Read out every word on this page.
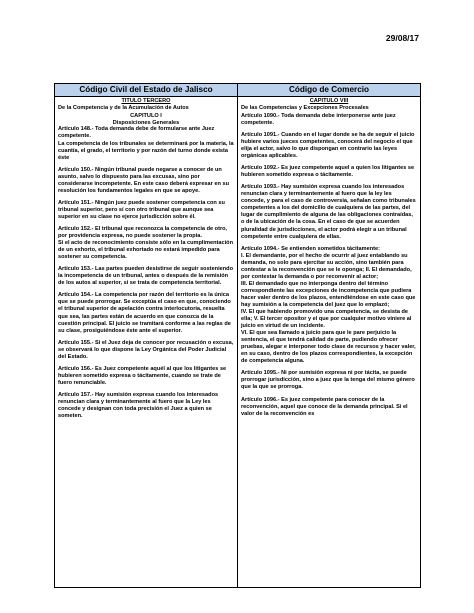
29/08/17
Código Civil del Estado de Jalisco	Código de Comercio
TITULO TERCERO
De la Competencia y de la Acumulación de Autos
CAPITULO I
Disposiciones Generales
Artículo 148.- Toda demanda debe de formularse ante Juez competente.
La competencia de los tribunales se determinará por la materia, la cuantía, el grado, el territorio y por razón del turno donde exista éste
Artículo 150.- Ningún tribunal puede negarse a conocer de un asunto, salvo lo dispuesto para las excusas, sino por considerarse incompetente. En este caso deberá expresar en su resolución los fundamentos legales en que se apoye.
Artículo 151.- Ningún juez puede sostener competencia con su tribunal superior, pero sí con otro tribunal que aunque sea superior en su clase no ejerce jurisdicción sobre él.
Artículo 152.- El tribunal que reconozca la competencia de otro, por providencia expresa, no puede sostener la propia.
Si el acto de reconocimiento consiste sólo en la cumplimentación de un exhorto, el tribunal exhortado no estará impedido para sostener su competencia.
Artículo 153.- Las partes pueden desistirse de seguir sosteniendo la incompetencia de un tribunal, antes o después de la remisión de los autos al superior, si se trata de competencia territorial.
Artículo 154.- La competencia por razón del territorio es la única que se puede prorrogar. Se exceptúa el caso en que, conociendo el tribunal superior de apelación contra interlocutoria, resuelta que sea, las partes están de acuerdo en que conozca de la cuestión principal. El juicio se tramitará conforme a las reglas de su clase, prosiguiéndose éste ante el superior.
Artículo 155.- Si el Juez deja de conocer por recusación o excusa, se observará lo que dispone la Ley Orgánica del Poder Judicial del Estado.
Artículo 156.- Es Juez competente aquél al que los litigantes se hubieren sometido expresa o tácitamente, cuando se trate de fuero renunciable.
Artículo 157.- Hay sumisión expresa cuando los interesados renuncian clara y terminantemente al fuero que la Ley les concede y designan con toda precisión el Juez a quien se someten.
CAPITULO VIII
De las Competencias y Excepciones Procesales
Artículo 1090.- Toda demanda debe interponerse ante juez competente.
Artículo 1091.- Cuando en el lugar donde se ha de seguir el juicio hubiere varios jueces competentes, conocerá del negocio el que elija el actor, salvo lo que dispongan en contrario las leyes orgánicas aplicables.
Artículo 1092.- Es juez competente aquel a quien los litigantes se hubieren sometido expresa o tácitamente.
Artículo 1093.- Hay sumisión expresa cuando los interesados renuncian clara y terminantemente al fuero que la ley les concede, y para el caso de controversia, señalan como tribunales competentes a los del domicilio de cualquiera de las partes, del lugar de cumplimiento de alguna de las obligaciones contraídas, o de la ubicación de la cosa. En el caso de que se acuerden pluralidad de jurisdicciones, el actor podrá elegir a un tribunal competente entre cualquiera de ellas.
Artículo 1094.- Se entienden sometidos tácitamente:
I. El demandante, por el hecho de ocurrir al juez entablando su demanda, no solo para ejercitar su acción, sino también para contestar a la reconvención que se le oponga; II. El demandado, por contestar la demanda o por reconvenir al actor;
III. El demandado que no interponga dentro del término correspondiente las excepciones de incompetencia que pudiera hacer valer dentro de los plazos, entendiéndose en este caso que hay sumisión a la competencia del juez que lo emplazó;
IV. El que habiendo promovido una competencia, se desista de ella; V. El tercer opositor y el que por cualquier motivo viniere al juicio en virtud de un incidente.
VI. El que sea llamado a juicio para que le pare perjuicio la sentencia, el que tendrá calidad de parte, pudiendo ofrecer pruebas, alegar e interponer todo clase de recursos y hacer valer, en su caso, dentro de los plazos correspondientes, la excepción de competencia alguna.
Artículo 1095.- Ni por sumisión expresa ni por tácita, se puede prorrogar jurisdicción, sino a juez que la tenga del mismo género que la que se prorroga.
Artículo 1096.- Es juez competente para conocer de la reconvención, aquel que conoce de la demanda principal. Si el valor de la reconvención es
